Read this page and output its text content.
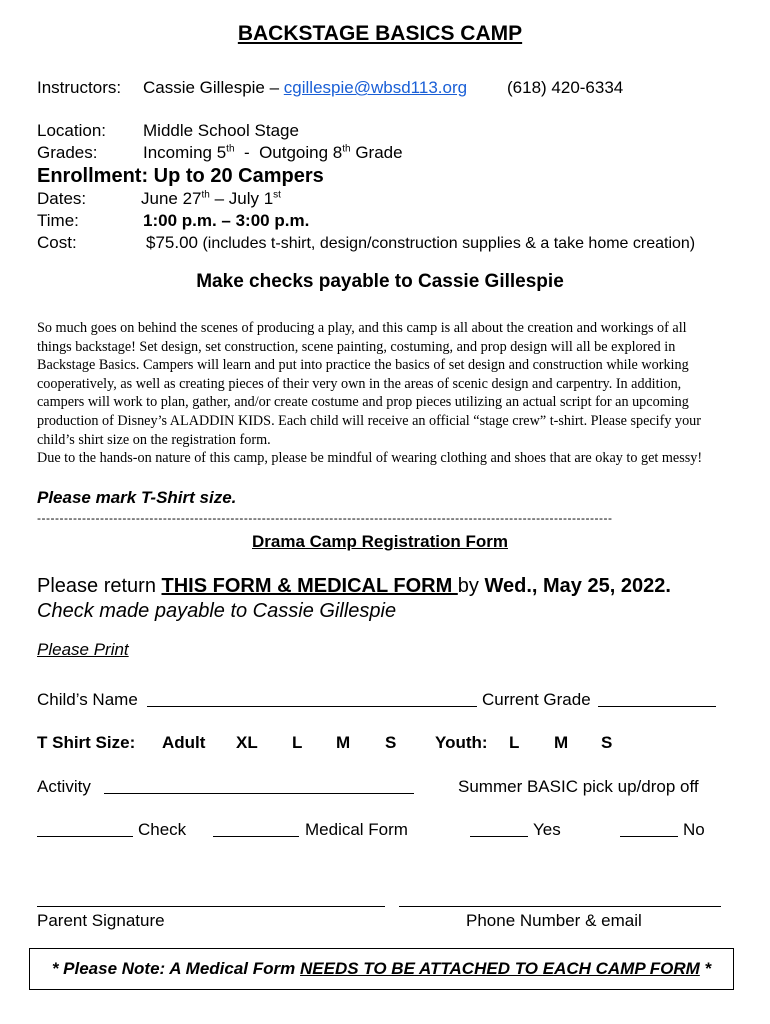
BACKSTAGE BASICS CAMP
Instructors: Cassie Gillespie – cgillespie@wbsd113.org (618) 420-6334
Location: Middle School Stage
Grades:	Incoming 5th  -  Outgoing 8th Grade
Enrollment: Up to 20 Campers
Dates:	June 27th – July 1st
Time:	1:00 p.m. – 3:00 p.m.
Cost:	$75.00 (includes t-shirt, design/construction supplies & a take home creation)
Make checks payable to Cassie Gillespie

So much goes on behind the scenes of producing a play, and this camp is all about the creation and workings of all things backstage! Set design, set construction, scene painting, costuming, and prop design will all be explored in Backstage Basics. Campers will learn and put into practice the basics of set design and construction while working cooperatively, as well as creating pieces of their very own in the areas of scenic design and carpentry. In addition, campers will work to plan, gather, and/or create costume and prop pieces utilizing an actual script for an upcoming production of Disney’s ALADDIN KIDS. Each child will receive an official “stage crew” t-shirt. Please specify your child’s shirt size on the registration form.

Due to the hands-on nature of this camp, please be mindful of wearing clothing and shoes that are okay to get messy!

Please mark T-Shirt size.
--------------------------------------------------------------------------------------------------------------------------------
Drama Camp Registration Form
Please return THIS FORM & MEDICAL FORM by Wed., May 25, 2022.
Check made payable to Cassie Gillespie
Please Print
Child’s Name	Current Grade
T Shirt Size: Adult XL L M S Youth: L M S
Activity	Summer BASIC pick up/drop off
Check	Medical Form	Yes	No
Parent Signature	Phone Number & email
* Please Note: A Medical Form NEEDS TO BE ATTACHED TO EACH CAMP FORM *
